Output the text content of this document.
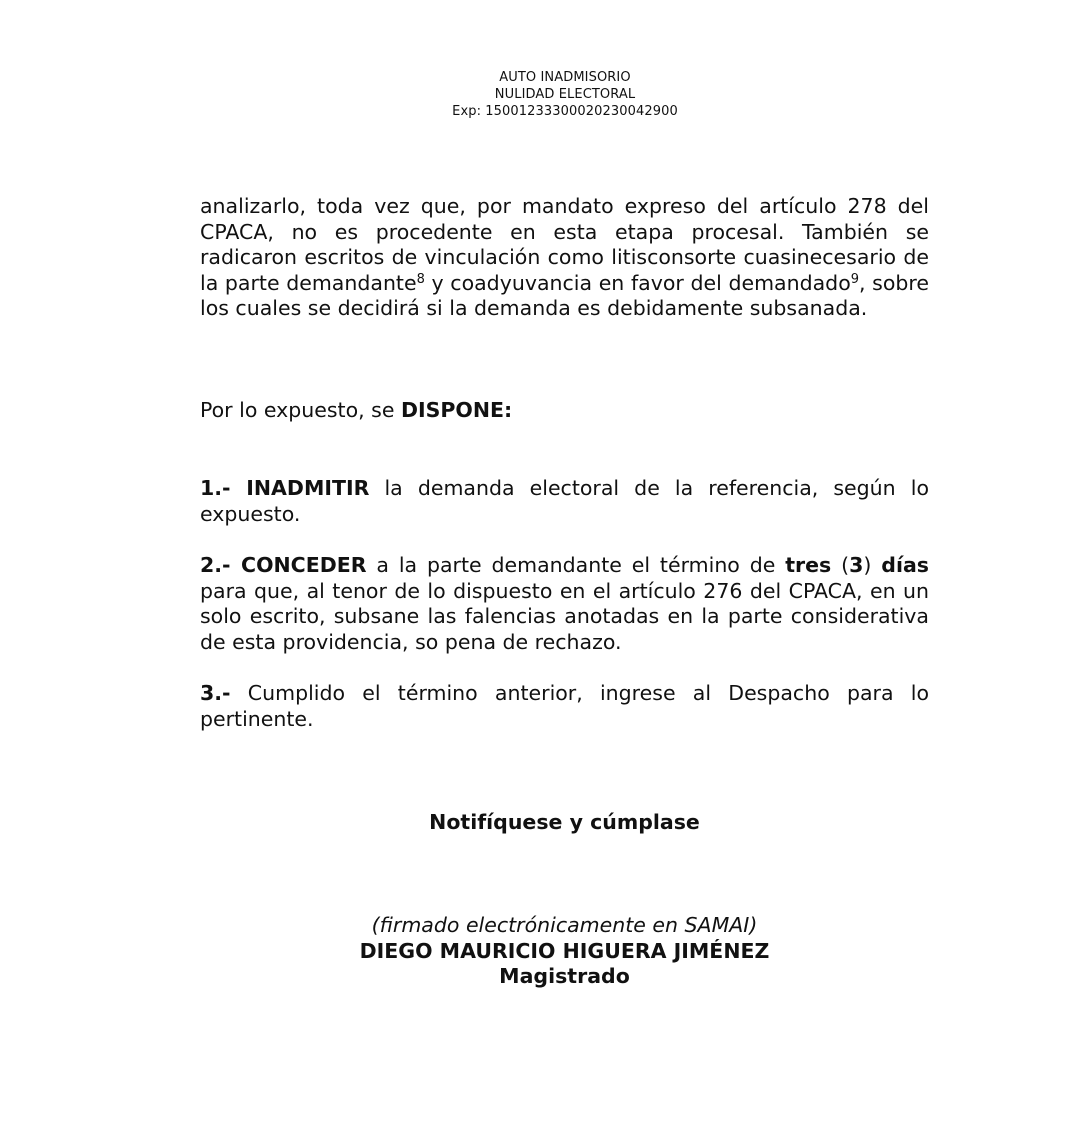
AUTO INADMISORIO
NULIDAD ELECTORAL
Exp: 15001233300020230042900

analizarlo, toda vez que, por mandato expreso del artículo 278 del CPACA, no es procedente en esta etapa procesal. También se radicaron escritos de vinculación como litisconsorte cuasinecesario de la parte demandante$^8$ y coadyuvancia en favor del demandado$^9$, sobre los cuales se decidirá si la demanda es debidamente subsanada.

Por lo expuesto, se DISPONE:

1.- INADMITIR la demanda electoral de la referencia, según lo expuesto.

2.- CONCEDER a la parte demandante el término de tres (3) días para que, al tenor de lo dispuesto en el artículo 276 del CPACA, en un solo escrito, subsane las falencias anotadas en la parte considerativa de esta providencia, so pena de rechazo.

3.- Cumplido el término anterior, ingrese al Despacho para lo pertinente.

Notifíquese y cúmplase
(firmado electrónicamente en SAMAI)
DIEGO MAURICIO HIGUERA JIMÉNEZ
Magistrado
